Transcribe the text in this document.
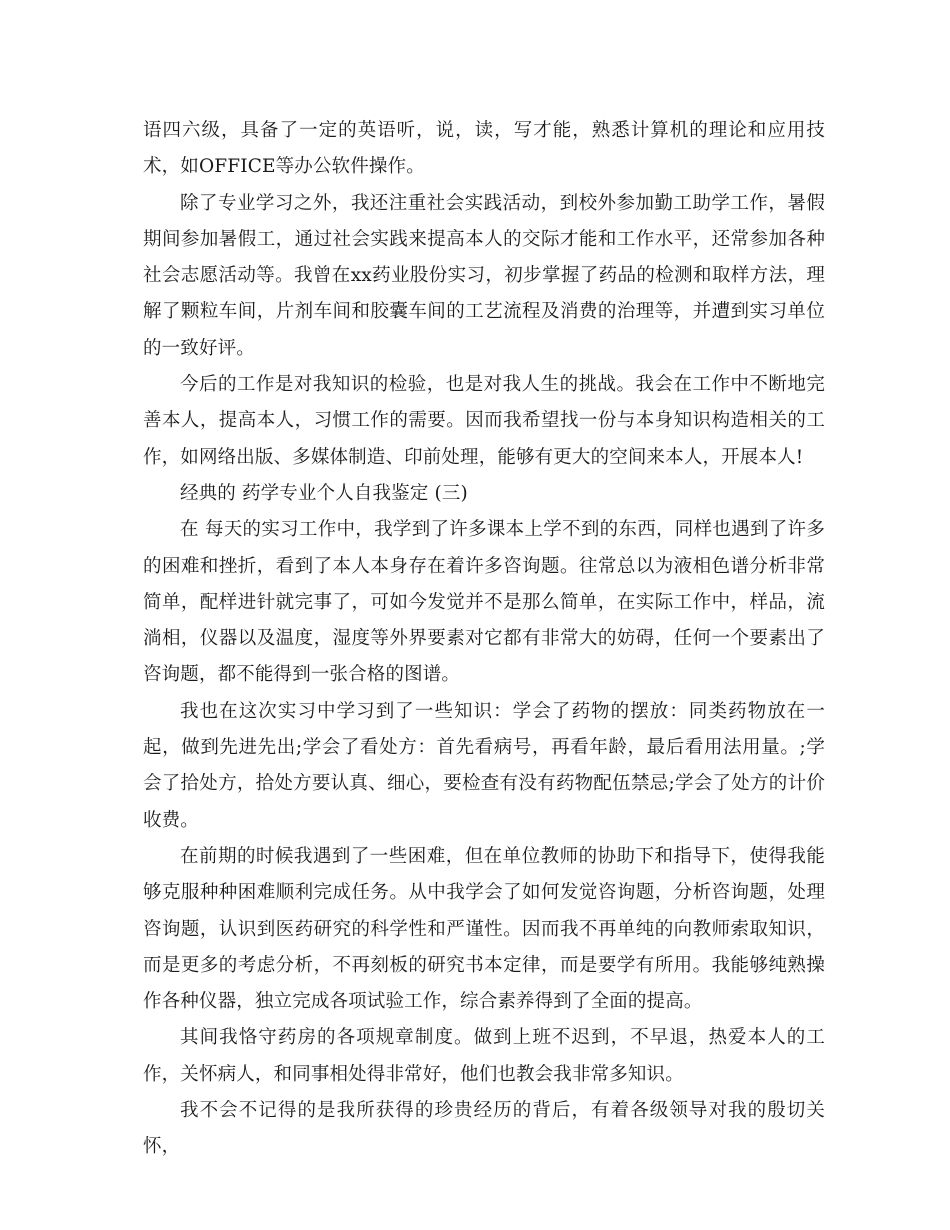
语四六级，具备了一定的英语听，说，读，写才能，熟悉计算机的理论和应用技术，如OFFICE等办公软件操作。

除了专业学习之外，我还注重社会实践活动，到校外参加勤工助学工作，暑假期间参加暑假工，通过社会实践来提高本人的交际才能和工作水平，还常参加各种社会志愿活动等。我曾在xx药业股份实习，初步掌握了药品的检测和取样方法，理解了颗粒车间，片剂车间和胶囊车间的工艺流程及消费的治理等，并遭到实习单位的一致好评。

今后的工作是对我知识的检验，也是对我人生的挑战。我会在工作中不断地完善本人，提高本人，习惯工作的需要。因而我希望找一份与本身知识构造相关的工作，如网络出版、多媒体制造、印前处理，能够有更大的空间来本人，开展本人!

经典的 药学专业个人自我鉴定 (三)

在 每天的实习工作中，我学到了许多课本上学不到的东西，同样也遇到了许多的困难和挫折，看到了本人本身存在着许多咨询题。往常总以为液相色谱分析非常简单，配样进针就完事了，可如今发觉并不是那么简单，在实际工作中，样品，流淌相，仪器以及温度，湿度等外界要素对它都有非常大的妨碍，任何一个要素出了咨询题，都不能得到一张合格的图谱。

我也在这次实习中学习到了一些知识：学会了药物的摆放：同类药物放在一起，做到先进先出;学会了看处方：首先看病号，再看年龄，最后看用法用量。;学会了拾处方，拾处方要认真、细心，要检查有没有药物配伍禁忌;学会了处方的计价收费。

在前期的时候我遇到了一些困难，但在单位教师的协助下和指导下，使得我能够克服种种困难顺利完成任务。从中我学会了如何发觉咨询题，分析咨询题，处理咨询题，认识到医药研究的科学性和严谨性。因而我不再单纯的向教师索取知识，而是更多的考虑分析，不再刻板的研究书本定律，而是要学有所用。我能够纯熟操作各种仪器，独立完成各项试验工作，综合素养得到了全面的提高。

其间我恪守药房的各项规章制度。做到上班不迟到，不早退，热爱本人的工作，关怀病人，和同事相处得非常好，他们也教会我非常多知识。

我不会不记得的是我所获得的珍贵经历的背后，有着各级领导对我的殷切关怀，
